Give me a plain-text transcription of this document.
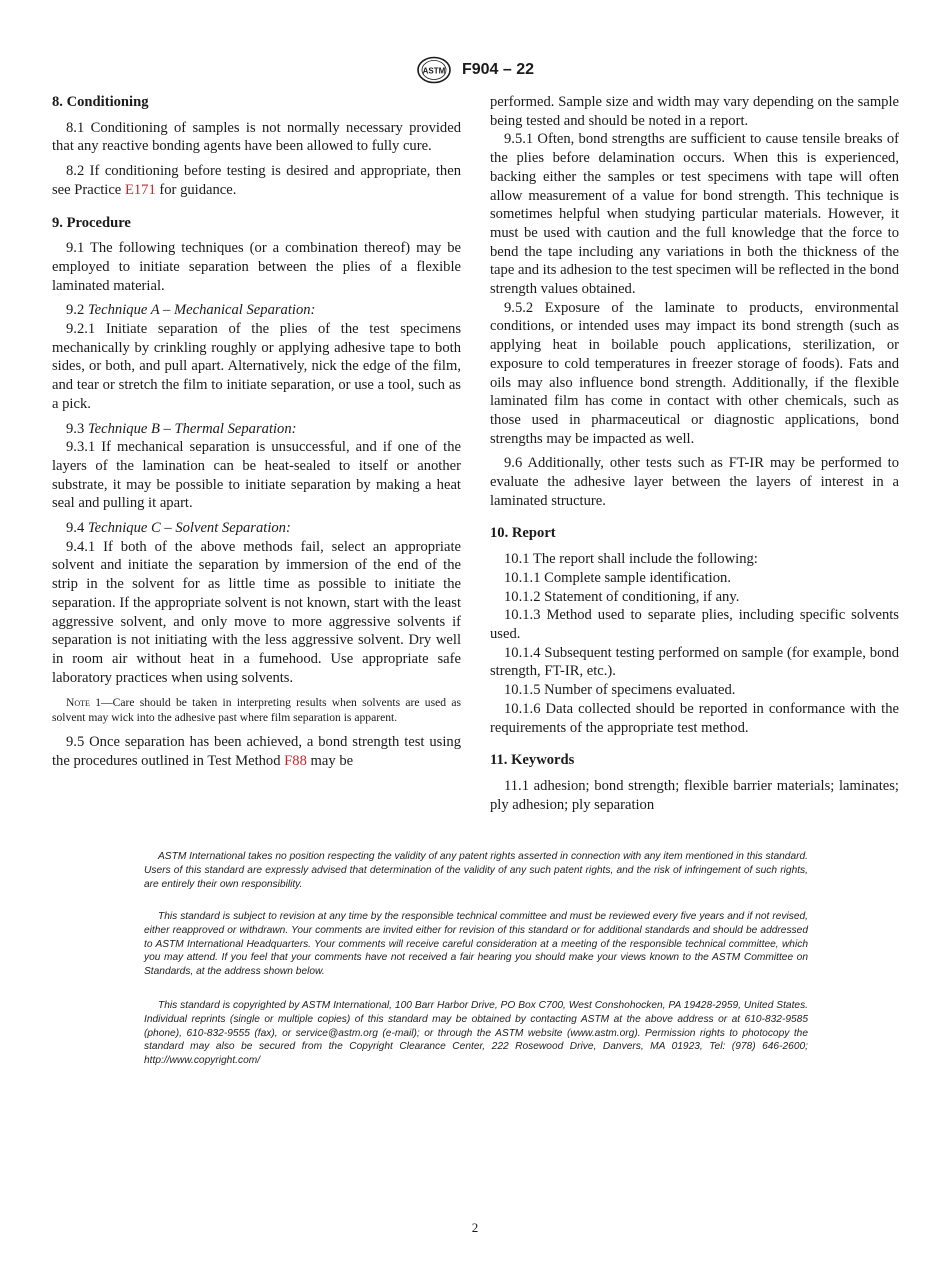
ASTM F904 – 22
8. Conditioning

8.1 Conditioning of samples is not normally necessary provided that any reactive bonding agents have been allowed to fully cure.

8.2 If conditioning before testing is desired and appropriate, then see Practice E171 for guidance.

9. Procedure

9.1 The following techniques (or a combination thereof) may be employed to initiate separation between the plies of a flexible laminated material.

9.2 Technique A – Mechanical Separation:

9.2.1 Initiate separation of the plies of the test specimens mechanically by crinkling roughly or applying adhesive tape to both sides, or both, and pull apart. Alternatively, nick the edge of the film, and tear or stretch the film to initiate separation, or use a tool, such as a pick.

9.3 Technique B – Thermal Separation:

9.3.1 If mechanical separation is unsuccessful, and if one of the layers of the lamination can be heat-sealed to itself or another substrate, it may be possible to initiate separation by making a heat seal and pulling it apart.

9.4 Technique C – Solvent Separation:

9.4.1 If both of the above methods fail, select an appropriate solvent and initiate the separation by immersion of the end of the strip in the solvent for as little time as possible to initiate the separation. If the appropriate solvent is not known, start with the least aggressive solvent, and only move to more aggressive solvents if separation is not initiating with the less aggressive solvent. Dry well in room air without heat in a fumehood. Use appropriate safe laboratory practices when using solvents.

Note 1—Care should be taken in interpreting results when solvents are used as solvent may wick into the adhesive past where film separation is apparent.

9.5 Once separation has been achieved, a bond strength test using the procedures outlined in Test Method F88 may be

performed. Sample size and width may vary depending on the sample being tested and should be noted in a report.

9.5.1 Often, bond strengths are sufficient to cause tensile breaks of the plies before delamination occurs. When this is experienced, backing either the samples or test specimens with tape will often allow measurement of a value for bond strength. This technique is sometimes helpful when studying particular materials. However, it must be used with caution and the full knowledge that the force to bend the tape including any variations in both the thickness of the tape and its adhesion to the test specimen will be reflected in the bond strength values obtained.

9.5.2 Exposure of the laminate to products, environmental conditions, or intended uses may impact its bond strength (such as applying heat in boilable pouch applications, sterilization, or exposure to cold temperatures in freezer storage of foods). Fats and oils may also influence bond strength. Additionally, if the flexible laminated film has come in contact with other chemicals, such as those used in pharmaceutical or diagnostic applications, bond strengths may be impacted as well.

9.6 Additionally, other tests such as FT-IR may be performed to evaluate the adhesive layer between the layers of interest in a laminated structure.

10. Report

10.1 The report shall include the following:

10.1.1 Complete sample identification.

10.1.2 Statement of conditioning, if any.

10.1.3 Method used to separate plies, including specific solvents used.

10.1.4 Subsequent testing performed on sample (for example, bond strength, FT-IR, etc.).

10.1.5 Number of specimens evaluated.

10.1.6 Data collected should be reported in conformance with the requirements of the appropriate test method.

11. Keywords

11.1 adhesion; bond strength; flexible barrier materials; laminates; ply adhesion; ply separation

ASTM International takes no position respecting the validity of any patent rights asserted in connection with any item mentioned in this standard. Users of this standard are expressly advised that determination of the validity of any such patent rights, and the risk of infringement of such rights, are entirely their own responsibility.

This standard is subject to revision at any time by the responsible technical committee and must be reviewed every five years and if not revised, either reapproved or withdrawn. Your comments are invited either for revision of this standard or for additional standards and should be addressed to ASTM International Headquarters. Your comments will receive careful consideration at a meeting of the responsible technical committee, which you may attend. If you feel that your comments have not received a fair hearing you should make your views known to the ASTM Committee on Standards, at the address shown below.

This standard is copyrighted by ASTM International, 100 Barr Harbor Drive, PO Box C700, West Conshohocken, PA 19428-2959, United States. Individual reprints (single or multiple copies) of this standard may be obtained by contacting ASTM at the above address or at 610-832-9585 (phone), 610-832-9555 (fax), or service@astm.org (e-mail); or through the ASTM website (www.astm.org). Permission rights to photocopy the standard may also be secured from the Copyright Clearance Center, 222 Rosewood Drive, Danvers, MA 01923, Tel: (978) 646-2600; http://www.copyright.com/

2
